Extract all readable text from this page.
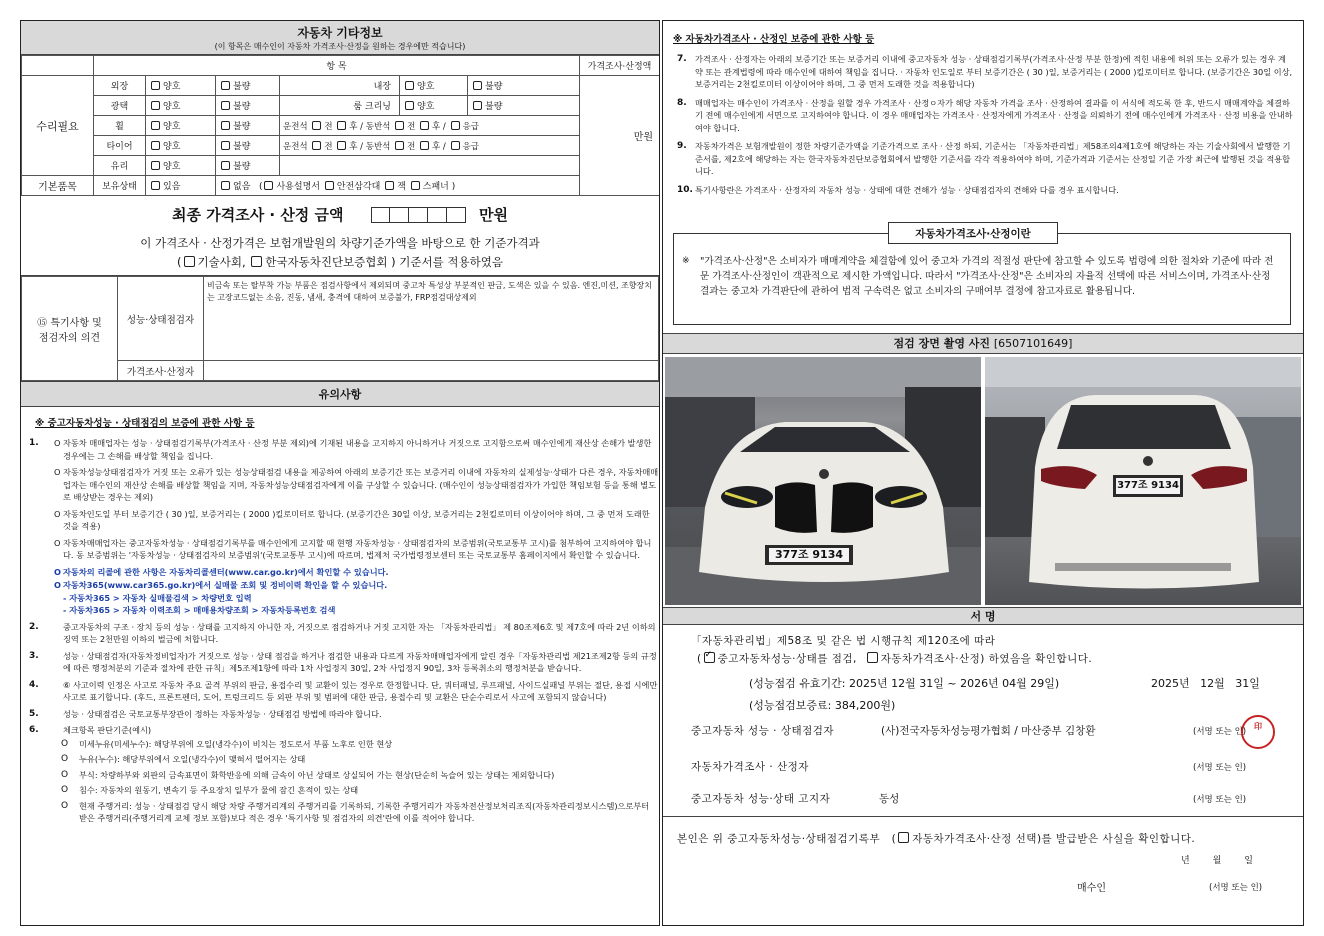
자동차 기타정보
(이 항목은 매수인이 자동차 가격조사·산정을 원하는 경우에만 적습니다)
	항 목						가격조사·산정액
수리필요	외장	양호	불량	내장	양호	불량	만원
	광택	양호	불량	룸 크리닝	양호	불량	
	휠	양호	불량	운전석 전 후 / 동반석 전 후 / 응급			
	타이어	양호	불량	운전석 전 후 / 동반석 전 후 / 응급			
	유리	양호	불량				
기본품목	보유상태	있음	없음   ( 사용설명서 안전삼각대 잭 스패너 )				
최종 가격조사 · 산정 금액	만원
이 가격조사 · 산정가격은 보험개발원의 차량기준가액을 바탕으로 한 기준가격과
( 기술사회, 한국자동차진단보증협회 ) 기준서를 적용하였음
⑮ 특기사항 및 점검자의 의견	성능·상태점검자	비금속 또는 탈부착 가능 부품은 점검사항에서 제외되며 중고차 특성상 부분적인 판금, 도색은 있을 수 있음. 엔진,미션, 조향장치는 고장코드없는 소음, 진동, 냄새, 충격에 대하여 보증불가, FRP점검대상제외
	가격조사·산정자	
유의사항
※ 중고자동차성능 · 상태점검의 보증에 관한 사항 등
1. O 자동차 매매업자는 성능 · 상태점검기록부(가격조사 · 산정 부분 제외)에 기재된 내용을 고지하지 아니하거나 거짓으로 고지함으로써 매수인에게 재산상 손해가 발생한 경우에는 그 손해를 배상할 책임을 집니다.
O 자동차성능상태점검자가 거짓 또는 오류가 있는 성능상태점검 내용을 제공하여 아래의 보증기간 또는 보증거리 이내에 자동차의 실제성능·상태가 다른 경우, 자동차매매업자는 매수인의 재산상 손해를 배상할 책임을 지며, 자동차성능상태점검자에게 이를 구상할 수 있습니다. (매수인이 성능상태점검자가 가입한 책임보험 등을 통해 별도로 배상받는 경우는 제외)
O 자동차인도일 부터 보증기간 ( 30 )일, 보증거리는 ( 2000 )킬로미터로 합니다. (보증기간은 30일 이상, 보증거리는 2천킬로미터 이상이어야 하며, 그 중 먼저 도래한 것을 적용)
O 자동차매매업자는 중고자동차성능 · 상태점검기록부를 매수인에게 고지할 때 현행 자동차성능 · 상태점검자의 보증범위(국토교통부 고시)를 첨부하여 고지하여야 합니다. 동 보증범위는 '자동차성능 · 상태점검자의 보증범위'(국토교통부 고시)에 따르며, 법제처 국가법령정보센터 또는 국토교통부 홈페이지에서 확인할 수 있습니다.
O 자동차의 리콜에 관한 사항은 자동차리콜센터(www.car.go.kr)에서 확인할 수 있습니다.
O 자동차365(www.car365.go.kr)에서 실매물 조회 및 정비이력 확인을 할 수 있습니다.
- 자동차365 > 자동차 실매물검색 > 차량번호 입력
- 자동차365 > 자동차 이력조회 > 매매용차량조회 > 자동차등록번호 검색
2.	중고자동차의 구조 · 장치 등의 성능 · 상태를 고지하지 아니한 자, 거짓으로 점검하거나 거짓 고지한 자는 「자동차관리법」 제 80조제6호 및 제7호에 따라 2년 이하의 징역 또는 2천만원 이하의 벌금에 처합니다.
3.	성능 · 상태점검자(자동차정비업자)가 거짓으로 성능 · 상태 점검을 하거나 점검한 내용과 다르게 자동차매매업자에게 알린 경우「자동차관리법 제21조제2항 등의 규정에 따른 행정처분의 기준과 절차에 관한 규칙」제5조제1항에 따라 1차 사업정지 30일, 2차 사업정지 90일, 3차 등록취소의 행정처분을 받습니다.
4.	⑥ 사고이력 인정은 사고로 자동차 주요 골격 부위의 판금, 용접수리 및 교환이 있는 경우로 한정합니다. 단, 쿼터패널, 루프패널, 사이드실패널 부위는 절단, 용접 시에만 사고로 표기합니다. (후드, 프론트펜더, 도어, 트렁크리드 등 외판 부위 및 범퍼에 대한 판금, 용접수리 및 교환은 단순수리로서 사고에 포함되지 않습니다)
5.	성능 · 상태점검은 국토교통부장관이 정하는 자동차성능 · 상태점검 방법에 따라야 합니다.
6.	체크항목 판단기준(예시)
O 미세누유(미세누수): 해당부위에 오일(냉각수)이 비치는 정도로서 부품 노후로 인한 현상
O 누유(누수): 해당부위에서 오일(냉각수)이 맺혀서 떨어지는 상태
O 부식: 차량하부와 외판의 금속표면이 화학반응에 의해 금속이 아닌 상태로 상실되어 가는 현상(단순히 녹슬어 있는 상태는 제외합니다)
O 침수: 자동차의 원동기, 변속기 등 주요장치 일부가 물에 잠긴 흔적이 있는 상태
O 현재 주행거리: 성능 · 상태점검 당시 해당 차량 주행거리계의 주행거리를 기록하되, 기록한 주행거리가 자동차전산정보처리조직(자동차관리정보시스템)으로부터 받은 주행거리(주행거리계 교체 정보 포함)보다 적은 경우 '특기사항 및 점검자의 의견'란에 이를 적어야 합니다.
※ 자동차가격조사 · 산정인 보증에 관한 사항 등
7. 가격조사 · 산정자는 아래의 보증기간 또는 보증거리 이내에 중고자동차 성능 · 상태점검기록부(가격조사·산정 부분 한정)에 적힌 내용에 허위 또는 오류가 있는 경우 계약 또는 관계법령에 따라 매수인에 대하여 책임을 집니다. · 자동차 인도일로 부터 보증기간은 ( 30 )일, 보증거리는 ( 2000 )킬로미터로 합니다. (보증기간은 30일 이상, 보증거리는 2천킬로미터 이상이어야 하며, 그 중 먼저 도래한 것을 적용합니다)
8. 매매업자는 매수인이 가격조사 · 산정을 원할 경우 가격조사 · 산정ㅇ자가 해당 자동차 가격을 조사 · 산정하여 결과를 이 서식에 적도록 한 후, 반드시 매매계약을 체결하기 전에 매수인에게 서면으로 고지하여야 합니다. 이 경우 매매업자는 가격조사 · 산정자에게 가격조사 · 산정을 의뢰하기 전에 매수인에게 가격조사 · 산정 비용을 안내하여야 합니다.
9. 자동차가격은 보험개발원이 정한 차량기준가액을 기준가격으로 조사 · 산정 하되, 기준서는 「자동차관리법」제58조의4제1호에 해당하는 자는 기술사회에서 발행한 기준서를, 제2호에 해당하는 자는 한국자동차진단보증협회에서 발행한 기준서를 각각 적용하여야 하며, 기준가격과 기준서는 산정일 기준 가장 최근에 발행된 것을 적용합니다.
10. 특기사항란은 가격조사 · 산정자의 자동차 성능 · 상태에 대한 견해가 성능 · 상태점검자의 견해와 다를 경우 표시합니다.
자동차가격조사·산정이란
※ "가격조사·산정"은 소비자가 매매계약을 체결함에 있어 중고차 가격의 적절성 판단에 참고할 수 있도록 법령에 의한 절차와 기준에 따라 전문 가격조사·산정인이 객관적으로 제시한 가액입니다. 따라서 "가격조사·산정"은 소비자의 자율적 선택에 따른 서비스이며, 가격조사·산정 결과는 중고차 가격판단에 관하여 법적 구속력은 없고 소비자의 구매여부 결정에 참고자료로 활용됩니다.
점검 장면 촬영 사진 [6507101649]
377조 9134
377조 9134
서 명
「자동차관리법」제58조 및 같은 법 시행규칙 제120조에 따라
( ✓ 중고자동차성능·상태를 점검, 자동차가격조사·산정) 하였음을 확인합니다.
(성능점검 유효기간: 2025년 12월 31일 ~ 2026년 04월 29일)	2025년 12월 31일
(성능점검보증료: 384,200원)
중고자동차 성능 · 상태점검자	(사)전국자동차성능평가협회 / 마산중부 김창환	(서명 또는 인)
印
자동차가격조사 · 산정자	(서명 또는 인)
중고자동차 성능·상태 고지자	동성	(서명 또는 인)
본인은 위 중고자동차성능·상태점검기록부   ( 자동차가격조사·산정 선택)를 발급받은 사실을 확인합니다.
년	월	일
매수인	(서명 또는 인)
